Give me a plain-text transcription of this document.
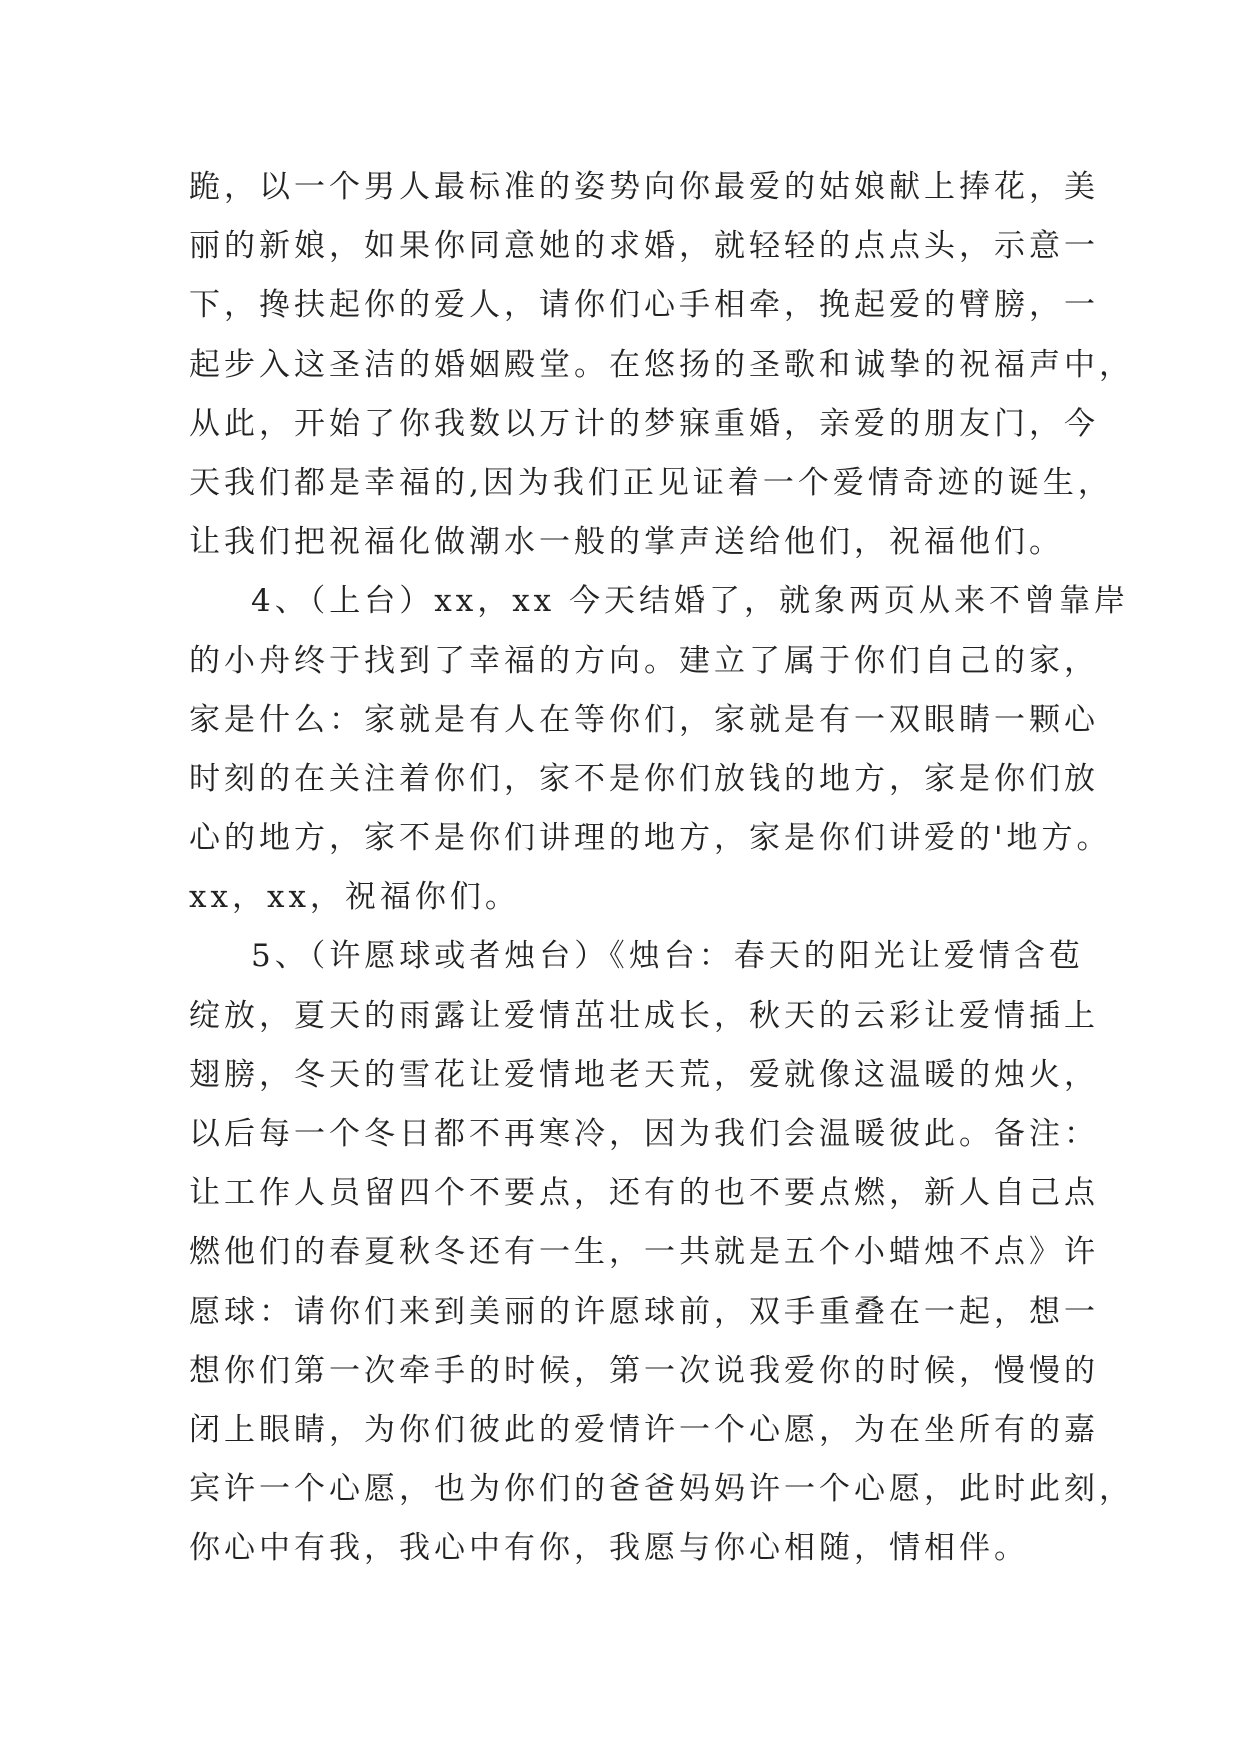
跪，以一个男人最标准的姿势向你最爱的姑娘献上捧花，美
丽的新娘，如果你同意她的求婚，就轻轻的点点头，示意一
下，搀扶起你的爱人，请你们心手相牵，挽起爱的臂膀，一
起步入这圣洁的婚姻殿堂。在悠扬的圣歌和诚挚的祝福声中，
从此，开始了你我数以万计的梦寐重婚，亲爱的朋友门，今
天我们都是幸福的,因为我们正见证着一个爱情奇迹的诞生，
让我们把祝福化做潮水一般的掌声送给他们，祝福他们。
4、（上台）xx，xx 今天结婚了，就象两页从来不曾靠岸
的小舟终于找到了幸福的方向。建立了属于你们自己的家，
家是什么：家就是有人在等你们，家就是有一双眼睛一颗心
时刻的在关注着你们，家不是你们放钱的地方，家是你们放
心的地方，家不是你们讲理的地方，家是你们讲爱的'地方。
xx，xx，祝福你们。
5、（许愿球或者烛台）《烛台：春天的阳光让爱情含苞
绽放，夏天的雨露让爱情茁壮成长，秋天的云彩让爱情插上
翅膀，冬天的雪花让爱情地老天荒，爱就像这温暖的烛火，
以后每一个冬日都不再寒冷，因为我们会温暖彼此。备注：
让工作人员留四个不要点，还有的也不要点燃，新人自己点
燃他们的春夏秋冬还有一生，一共就是五个小蜡烛不点》许
愿球：请你们来到美丽的许愿球前，双手重叠在一起，想一
想你们第一次牵手的时候，第一次说我爱你的时候，慢慢的
闭上眼睛，为你们彼此的爱情许一个心愿，为在坐所有的嘉
宾许一个心愿，也为你们的爸爸妈妈许一个心愿，此时此刻，
你心中有我，我心中有你，我愿与你心相随，情相伴。
